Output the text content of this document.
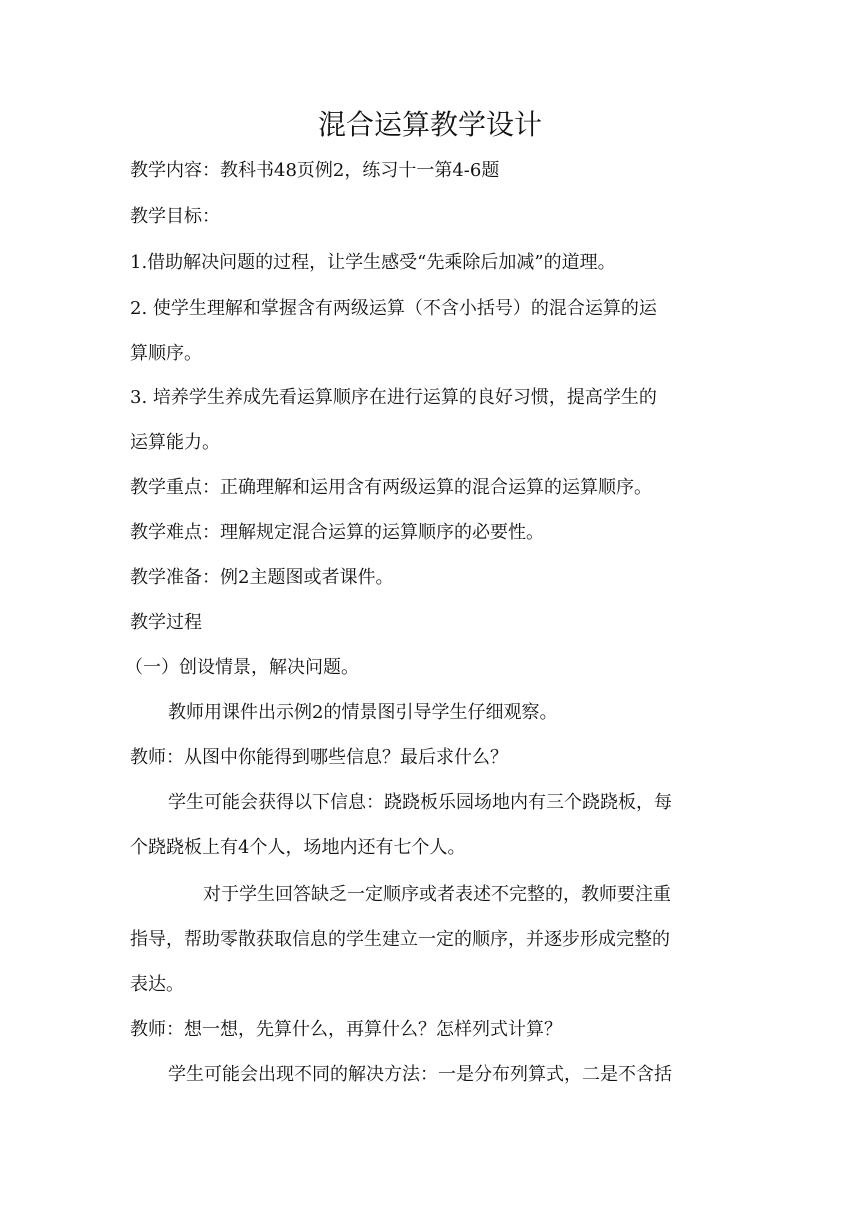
混合运算教学设计

教学内容：教科书48页例2，练习十一第4-6题

教学目标：

1.借助解决问题的过程，让学生感受“先乘除后加减”的道理。

2. 使学生理解和掌握含有两级运算（不含小括号）的混合运算的运

算顺序。

3. 培养学生养成先看运算顺序在进行运算的良好习惯，提高学生的

运算能力。

教学重点：正确理解和运用含有两级运算的混合运算的运算顺序。

教学难点：理解规定混合运算的运算顺序的必要性。

教学准备：例2主题图或者课件。

教学过程

（一）创设情景，解决问题。

教师用课件出示例2的情景图引导学生仔细观察。

教师：从图中你能得到哪些信息？最后求什么？

学生可能会获得以下信息：跷跷板乐园场地内有三个跷跷板，每

个跷跷板上有4个人，场地内还有七个人。

对于学生回答缺乏一定顺序或者表述不完整的，教师要注重

指导，帮助零散获取信息的学生建立一定的顺序，并逐步形成完整的

表达。

教师：想一想，先算什么，再算什么？怎样列式计算？

学生可能会出现不同的解决方法：一是分布列算式，二是不含括
